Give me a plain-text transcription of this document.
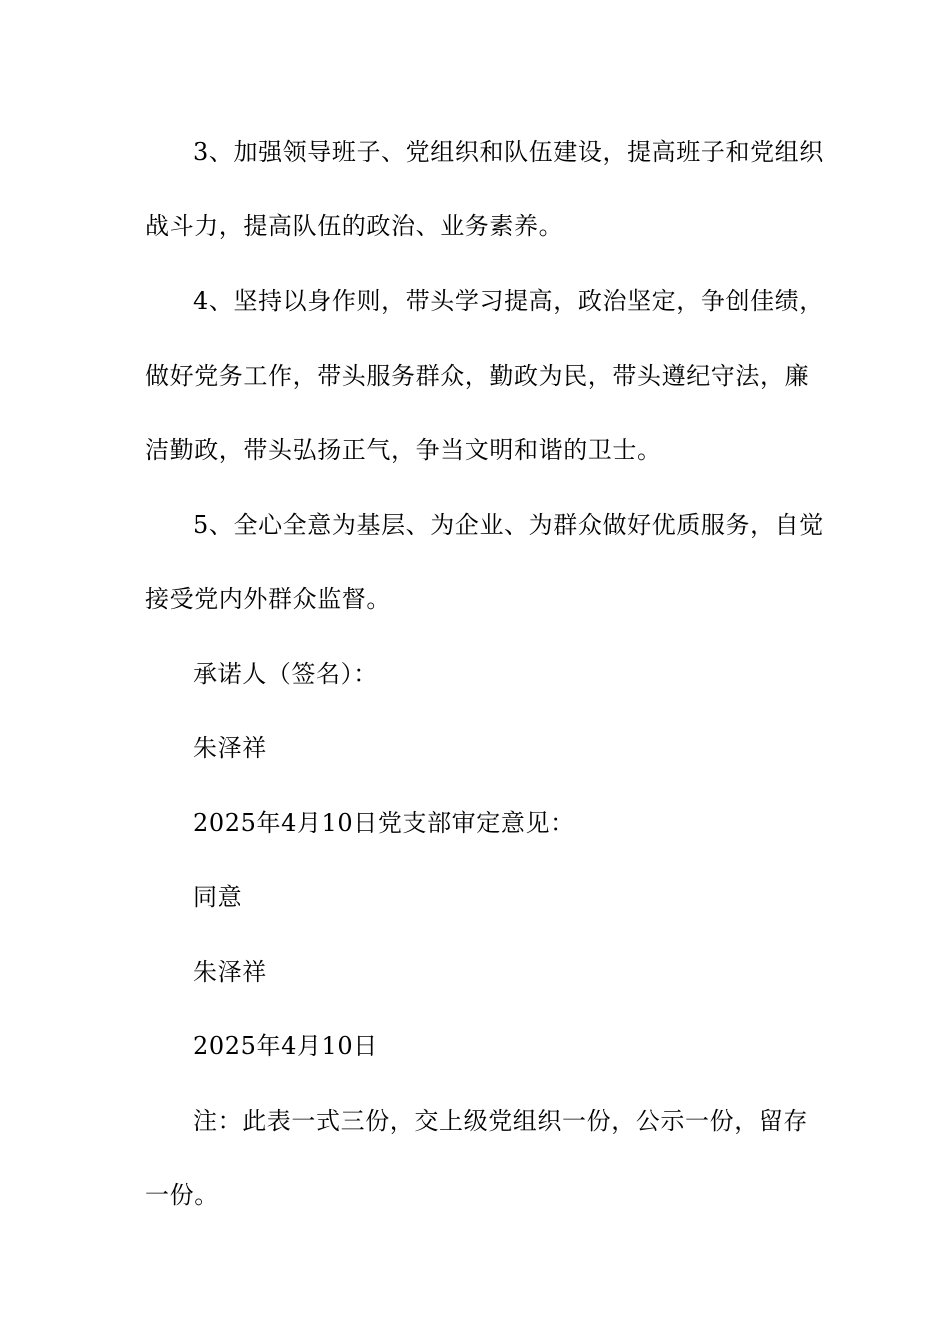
3、加强领导班子、党组织和队伍建设，提高班子和党组织
战斗力，提高队伍的政治、业务素养。
4、坚持以身作则，带头学习提高，政治坚定，争创佳绩，
做好党务工作，带头服务群众，勤政为民，带头遵纪守法，廉
洁勤政，带头弘扬正气，争当文明和谐的卫士。
5、全心全意为基层、为企业、为群众做好优质服务，自觉
接受党内外群众监督。
承诺人（签名）：
朱泽祥
2025年4月10日党支部审定意见：
同意
朱泽祥
2025年4月10日
注：此表一式三份，交上级党组织一份，公示一份，留存
一份。
